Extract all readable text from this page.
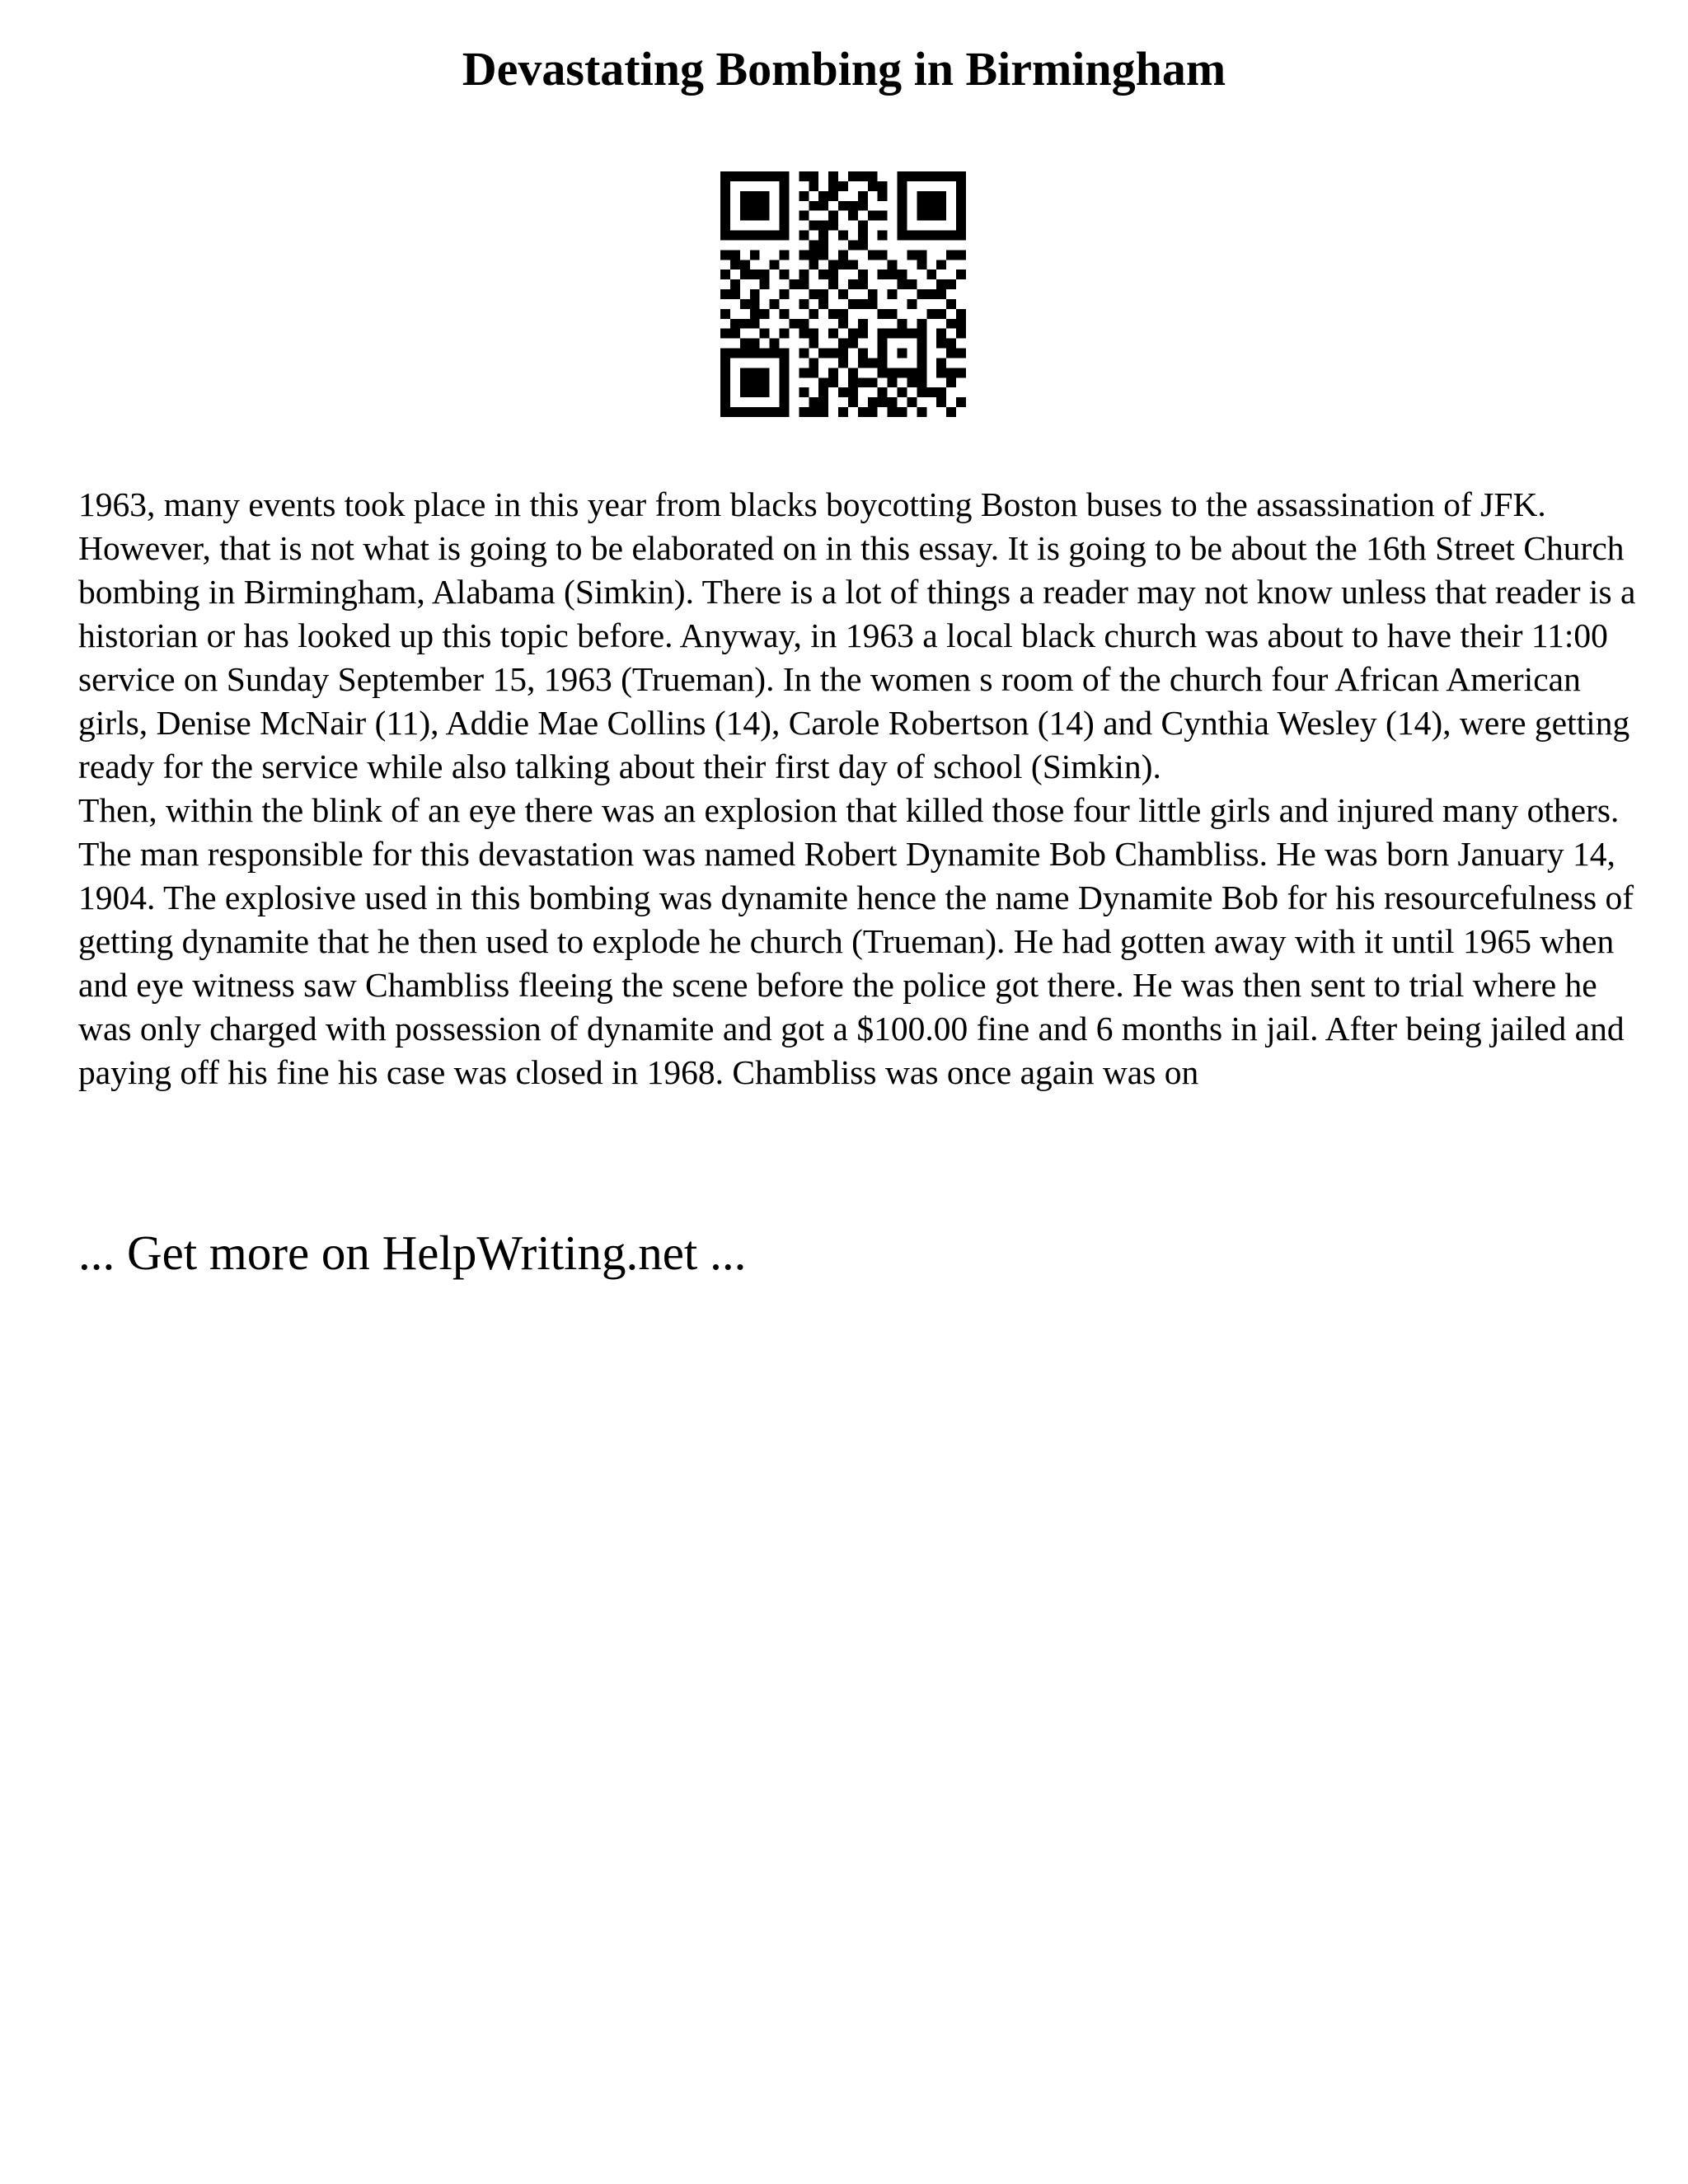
Devastating Bombing in Birmingham

1963, many events took place in this year from blacks boycotting Boston buses to the assassination of JFK. However, that is not what is going to be elaborated on in this essay. It is going to be about the 16th Street Church bombing in Birmingham, Alabama (Simkin). There is a lot of things a reader may not know unless that reader is a historian or has looked up this topic before. Anyway, in 1963 a local black church was about to have their 11:00 service on Sunday September 15, 1963 (Trueman). In the women s room of the church four African American girls, Denise McNair (11), Addie Mae Collins (14), Carole Robertson (14) and Cynthia Wesley (14), were getting ready for the service while also talking about their first day of school (Simkin).

Then, within the blink of an eye there was an explosion that killed those four little girls and injured many others. The man responsible for this devastation was named Robert Dynamite Bob Chambliss. He was born January 14, 1904. The explosive used in this bombing was dynamite hence the name Dynamite Bob for his resourcefulness of getting dynamite that he then used to explode he church (Trueman). He had gotten away with it until 1965 when and eye witness saw Chambliss fleeing the scene before the police got there. He was then sent to trial where he was only charged with possession of dynamite and got a $100.00 fine and 6 months in jail. After being jailed and paying off his fine his case was closed in 1968. Chambliss was once again was on

... Get more on HelpWriting.net ...
